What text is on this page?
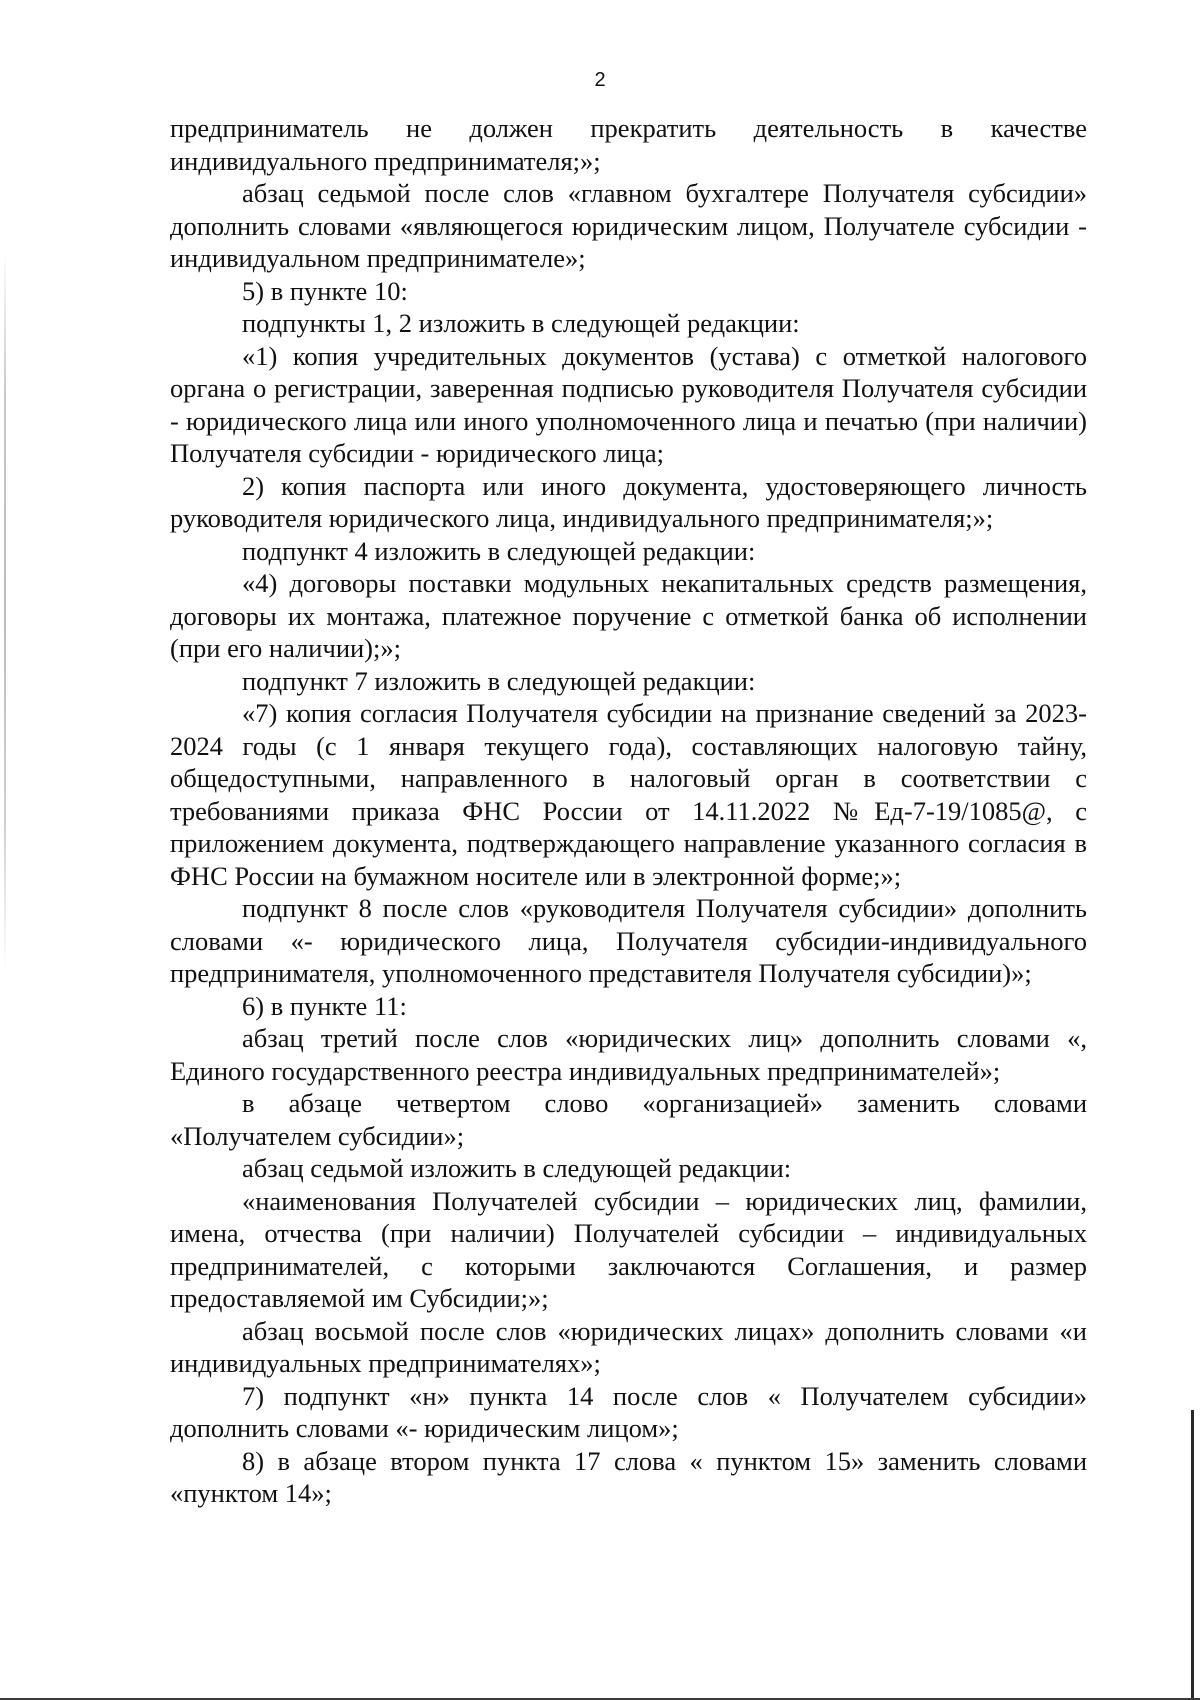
2

предприниматель не должен прекратить деятельность в качестве индивидуального предпринимателя;»;

абзац седьмой после слов «главном бухгалтере Получателя субсидии» дополнить словами «являющегося юридическим лицом, Получателе субсидии - индивидуальном предпринимателе»;

5) в пункте 10:

подпункты 1, 2 изложить в следующей редакции:

«1) копия учредительных документов (устава) с отметкой налогового органа о регистрации, заверенная подписью руководителя Получателя субсидии - юридического лица или иного уполномоченного лица и печатью (при наличии) Получателя субсидии - юридического лица;

2) копия паспорта или иного документа, удостоверяющего личность руководителя юридического лица, индивидуального предпринимателя;»;

подпункт 4 изложить в следующей редакции:

«4) договоры поставки модульных некапитальных средств размещения, договоры их монтажа, платежное поручение с отметкой банка об исполнении (при его наличии);»;

подпункт 7 изложить в следующей редакции:

«7) копия согласия Получателя субсидии на признание сведений за 2023-2024 годы (с 1 января текущего года), составляющих налоговую тайну, общедоступными, направленного в налоговый орган в соответствии с требованиями приказа ФНС России от 14.11.2022 №Ед-7-19/1085@, с приложением документа, подтверждающего направление указанного согласия в ФНС России на бумажном носителе или в электронной форме;»;

подпункт 8 после слов «руководителя Получателя субсидии» дополнить словами «- юридического лица, Получателя субсидии-индивидуального предпринимателя, уполномоченного представителя Получателя субсидии)»;

6) в пункте 11:

абзац третий после слов «юридических лиц» дополнить словами «, Единого государственного реестра индивидуальных предпринимателей»;

в абзаце четвертом слово «организацией» заменить словами «Получателем субсидии»;

абзац седьмой изложить в следующей редакции:

«наименования Получателей субсидии – юридических лиц, фамилии, имена, отчества (при наличии) Получателей субсидии – индивидуальных предпринимателей, с которыми заключаются Соглашения, и размер предоставляемой им Субсидии;»;

абзац восьмой после слов «юридических лицах» дополнить словами «и индивидуальных предпринимателях»;

7) подпункт «н» пункта 14 после слов « Получателем субсидии» дополнить словами «- юридическим лицом»;

8) в абзаце втором пункта 17 слова « пунктом 15» заменить словами «пунктом 14»;
